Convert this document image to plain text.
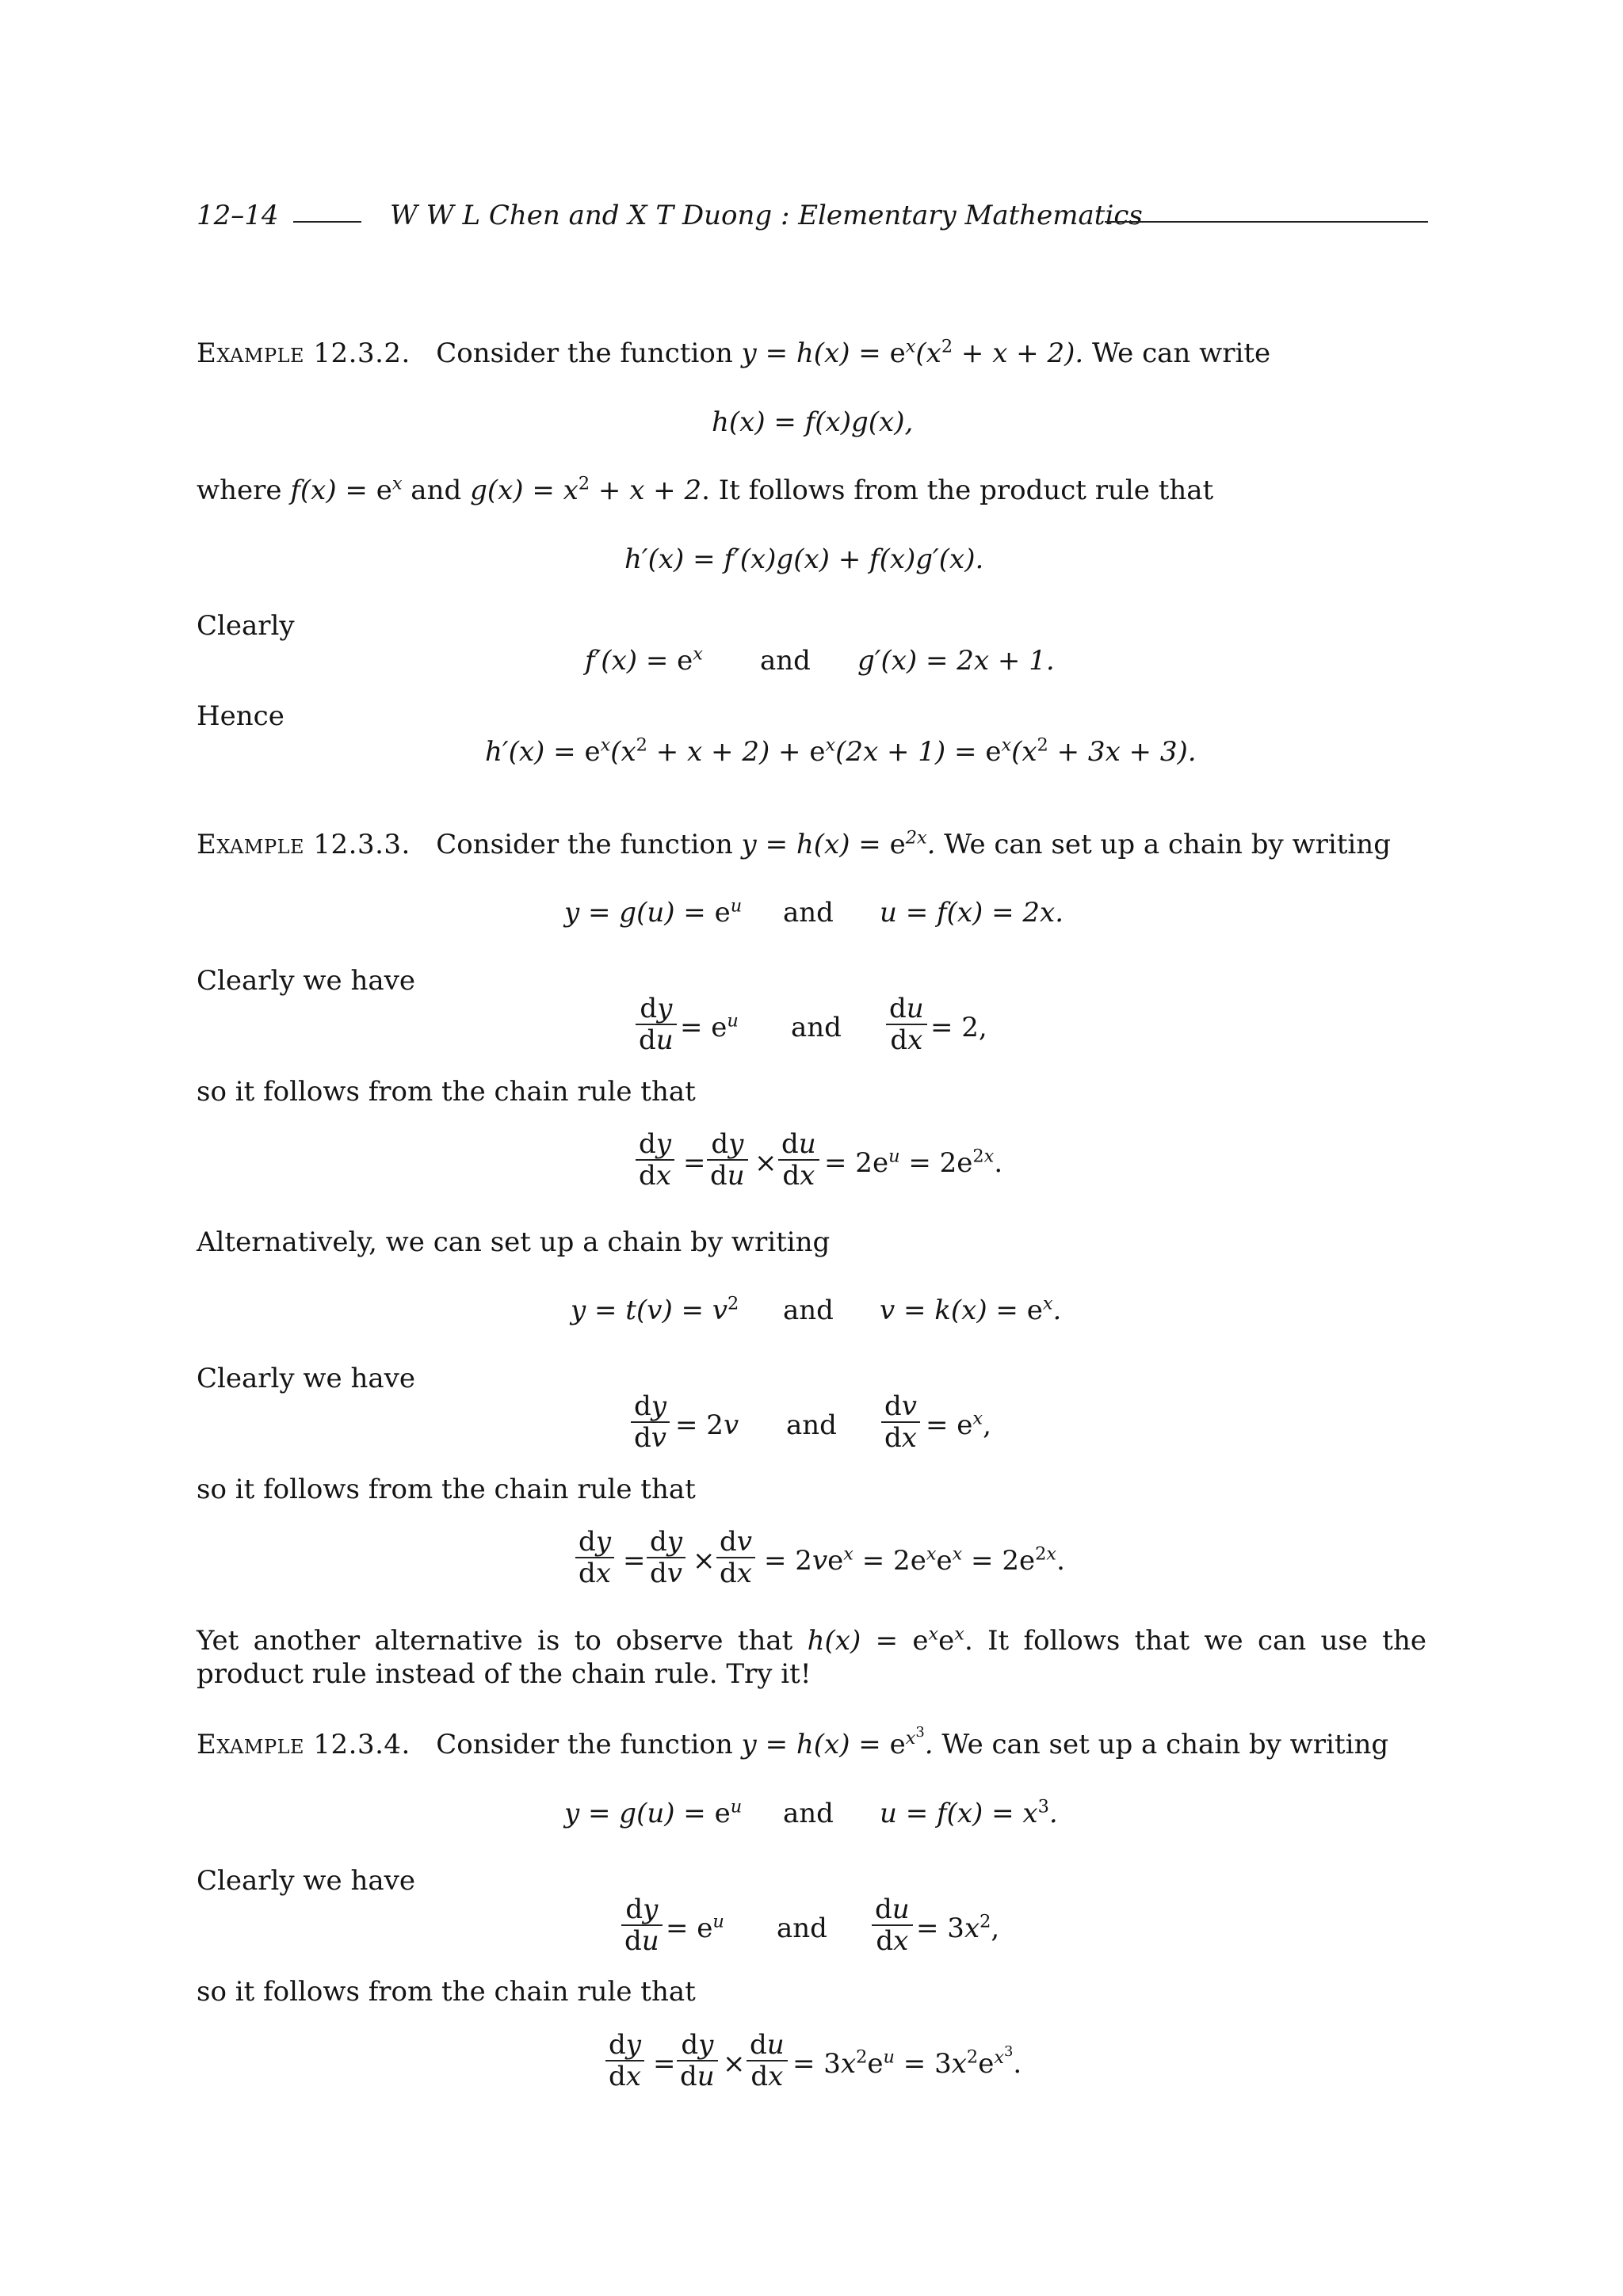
12–14	W W L Chen and X T Duong : Elementary Mathematics
Example 12.3.2. Consider the function $y = h(x) = e^x(x^2 + x + 2)$. We can write
h(x) = f(x)g(x),
where $f(x) = e^x$ and $g(x) = x^2 + x + 2$. It follows from the product rule that
h′(x) = f′(x)g(x) + f(x)g′(x).
Clearly
$f'(x) = e^x$ and g′(x) = 2x + 1.
Hence
$h'(x) = e^x(x^2 + x + 2) + e^x(2x + 1) = e^x(x^2 + 3x + 3)$.
Example 12.3.3. Consider the function $y = h(x) = e^{2x}$. We can set up a chain by writing
$y = g(u) = e^u$ and u = f(x) = 2x.
Clearly we have
dy
du = $e^u$ and
du
dx = 2,
so it follows from the chain rule that
dy
dx =
dy
du ×
du
dx = $2e^u = 2e^{2x}$.
Alternatively, we can set up a chain by writing
$y = t(v) = v^2$ and $v = k(x) = e^x$.
Clearly we have
dy
dv = 2v and
dv
dx = $e^x$,
so it follows from the chain rule that
dy
dx =
dy
dv ×
dv
dx = $2ve^x = 2e^xe^x = 2e^{2x}$.
Yet another alternative is to observe that $h(x) = e^xe^x$. It follows that we can use the product rule instead of the chain rule. Try it!
Example 12.3.4. Consider the function $y = h(x) = e^{x^3}$. We can set up a chain by writing
$y = g(u) = e^u$ and $u = f(x) = x^3$.
Clearly we have
dy
du = $e^u$ and
du
dx = $3x^2$,
so it follows from the chain rule that
dy
dx =
dy
du ×
du
dx = $3x^2e^u = 3x^2e^{x^3}$.
